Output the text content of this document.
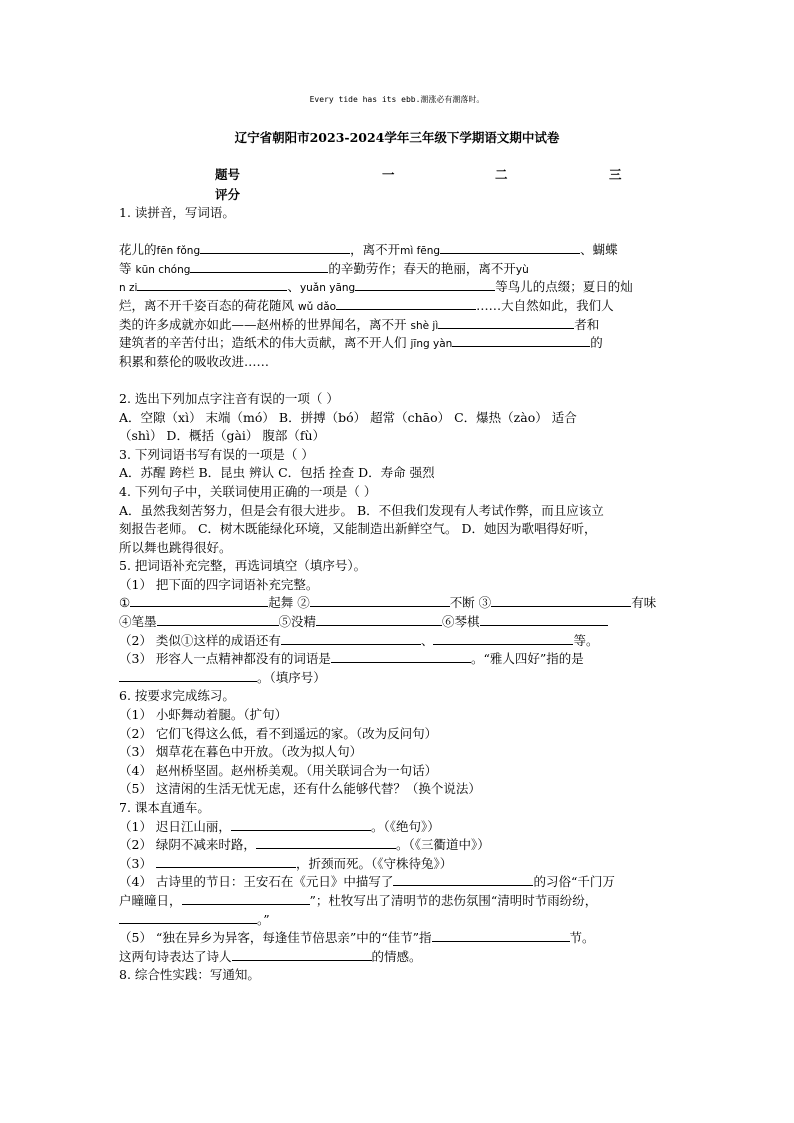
Every tide has its ebb.潮涨必有潮落时。
辽宁省朝阳市2023-2024学年三年级下学期语文期中试卷
题号	一	二	三
评分
1. 读拼音，写词语。
花儿的fēn fǒng	，离不开mì fēng	、蝴蝶
等 kūn chóng	的辛勤劳作；春天的艳丽，离不开yù
n zi	、yuǎn yāng	等鸟儿的点缀；夏日的灿
烂，离不开千姿百态的荷花随风 wǔ dǎo	……大自然如此，我们人
类的许多成就亦如此——赵州桥的世界闻名，离不开 shè jì	者和
建筑者的辛苦付出；造纸术的伟大贡献，离不开人们 jīng yàn	的
积累和蔡伦的吸收改进……
2. 选出下列加点字注音有误的一项（ ）
A．空隙（xì） 末端（mó） B．拼搏（bó） 超常（chāo） C．爆热（zào） 适合
（shì） D．概括（gài） 腹部（fù）
3. 下列词语书写有误的一项是（ ）
A．苏醒 跨栏 B．昆虫 辨认 C．包括 拴查 D．寿命 强烈
4. 下列句子中，关联词使用正确的一项是（ ）
A．虽然我刻苦努力，但是会有很大进步。 B．不但我们发现有人考试作弊，而且应该立
刻报告老师。 C．树木既能绿化环境，又能制造出新鲜空气。 D．她因为歌唱得好听，
所以舞也跳得很好。
5. 把词语补充完整，再选词填空（填序号）。
（1） 把下面的四字词语补充完整。
①	起舞 ②	不断 ③	有味
④笔墨	⑤没精	⑥琴棋
（2） 类似①这样的成语还有	、	等。
（3） 形容人一点精神都没有的词语是	。“雅人四好”指的是
。（填序号）
6. 按要求完成练习。
（1） 小虾舞动着腿。（扩句）
（2） 它们飞得这么低，看不到遥远的家。（改为反问句）
（3） 烟草花在暮色中开放。（改为拟人句）
（4） 赵州桥坚固。赵州桥美观。（用关联词合为一句话）
（5） 这清闲的生活无忧无虑，还有什么能够代替？（换个说法）
7. 课本直通车。
（1） 迟日江山丽，	。（《绝句》）
（2） 绿阴不减来时路，	。（《三衢道中》）
（3）	，折颈而死。（《守株待兔》）
（4） 古诗里的节日：王安石在《元日》中描写了	的习俗“千门万
户曈曈日，	”；杜牧写出了清明节的悲伤氛围“清明时节雨纷纷，
。”
（5） “独在异乡为异客，每逢佳节倍思亲”中的“佳节”指	节。
这两句诗表达了诗人	的情感。
8. 综合性实践：写通知。
